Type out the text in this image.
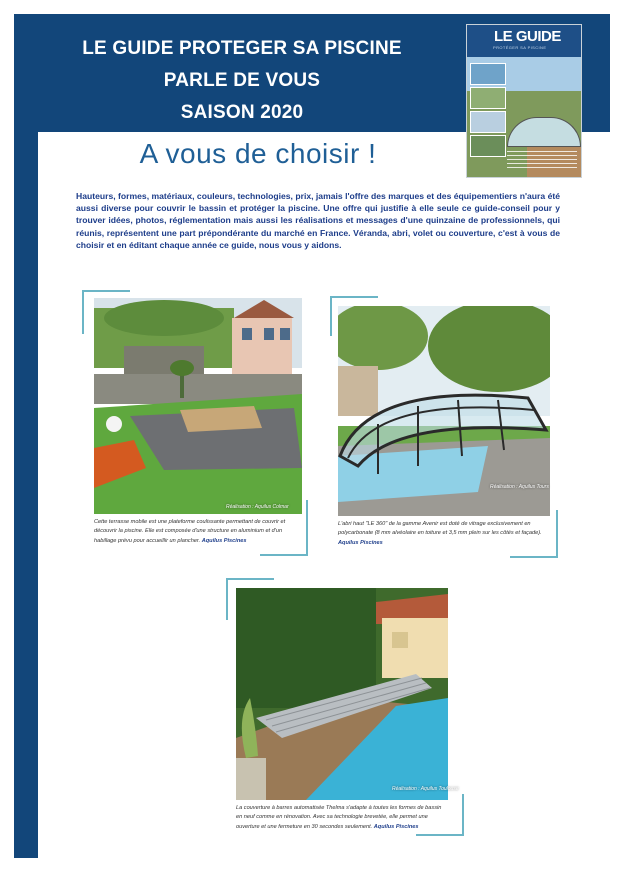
LE GUIDE PROTEGER SA PISCINE
PARLE DE VOUS
SAISON 2020
LE GUIDE
PROTÉGER SA PISCINE
A vous de choisir !

Hauteurs, formes, matériaux, couleurs, technologies, prix, jamais l'offre des marques et des équipementiers n'aura été aussi diverse pour couvrir le bassin et protéger la piscine. Une offre qui justifie à elle seule ce guide-conseil pour y trouver idées, photos, réglementation mais aussi les réalisations et messages d'une quinzaine de professionnels, qui réunis, représentent une part prépondérante du marché en France. Véranda, abri, volet ou couverture, c'est à vous de choisir et en éditant chaque année ce guide, nous vous y aidons.

Réalisation : Aquilus Colmar

Cette terrasse mobile est une plateforme coulissante permettant de couvrir et découvrir la piscine. Elle est composée d'une structure en aluminium et d'un habillage prévu pour accueillir un plancher. Aquilus Piscines

Réalisation : Aquilus Tours

L'abri haut "LE 360" de la gamme Avenir est doté de vitrage exclusivement en polycarbonate (8 mm alvéolaire en toiture et 3,5 mm plein sur les côtés et façade). Aquilus Piscines

Réalisation : Aquilus Toulouse

La couverture à barres automatisée Thelma s'adapte à toutes les formes de bassin en neuf comme en rénovation. Avec sa technologie brevetée, elle permet une ouverture et une fermeture en 30 secondes seulement. Aquilus Piscines
